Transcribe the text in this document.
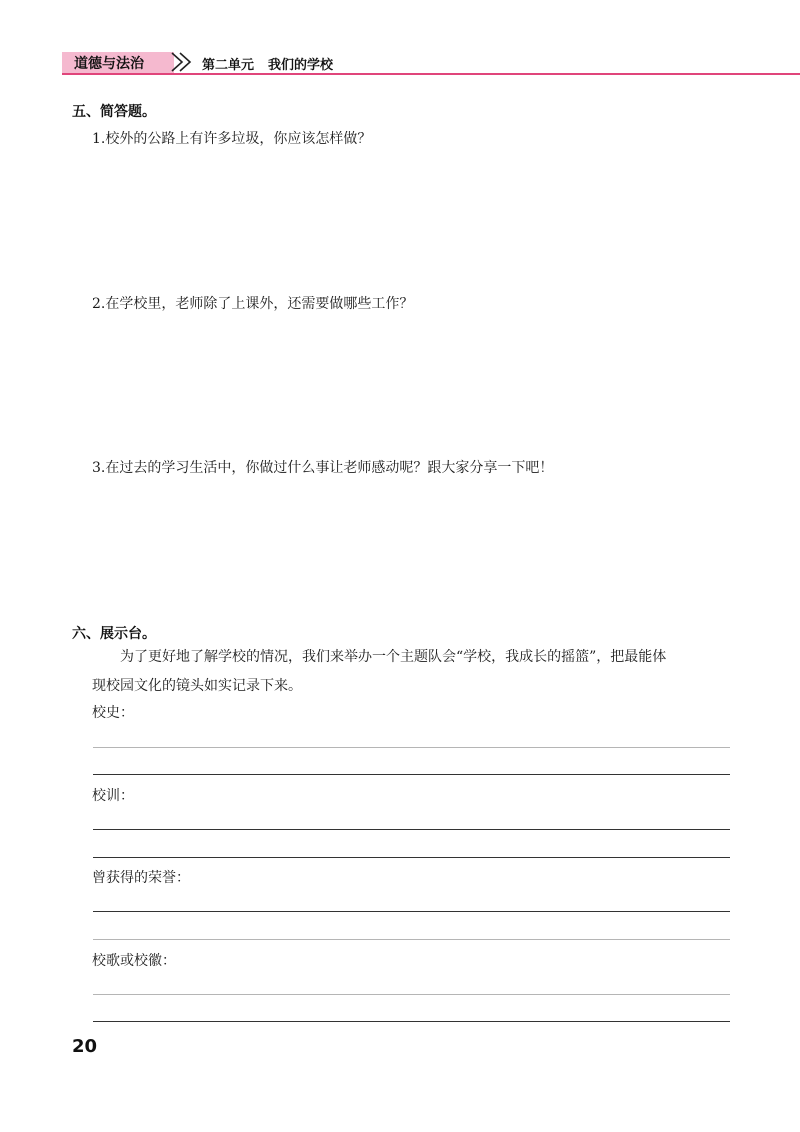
道德与法治	第二单元 我们的学校
五、简答题。
1.校外的公路上有许多垃圾，你应该怎样做？
2.在学校里，老师除了上课外，还需要做哪些工作？
3.在过去的学习生活中，你做过什么事让老师感动呢？跟大家分享一下吧！
六、展示台。
为了更好地了解学校的情况，我们来举办一个主题队会“学校，我成长的摇篮”，把最能体
现校园文化的镜头如实记录下来。
校史：
校训：
曾获得的荣誉：
校歌或校徽：
20
